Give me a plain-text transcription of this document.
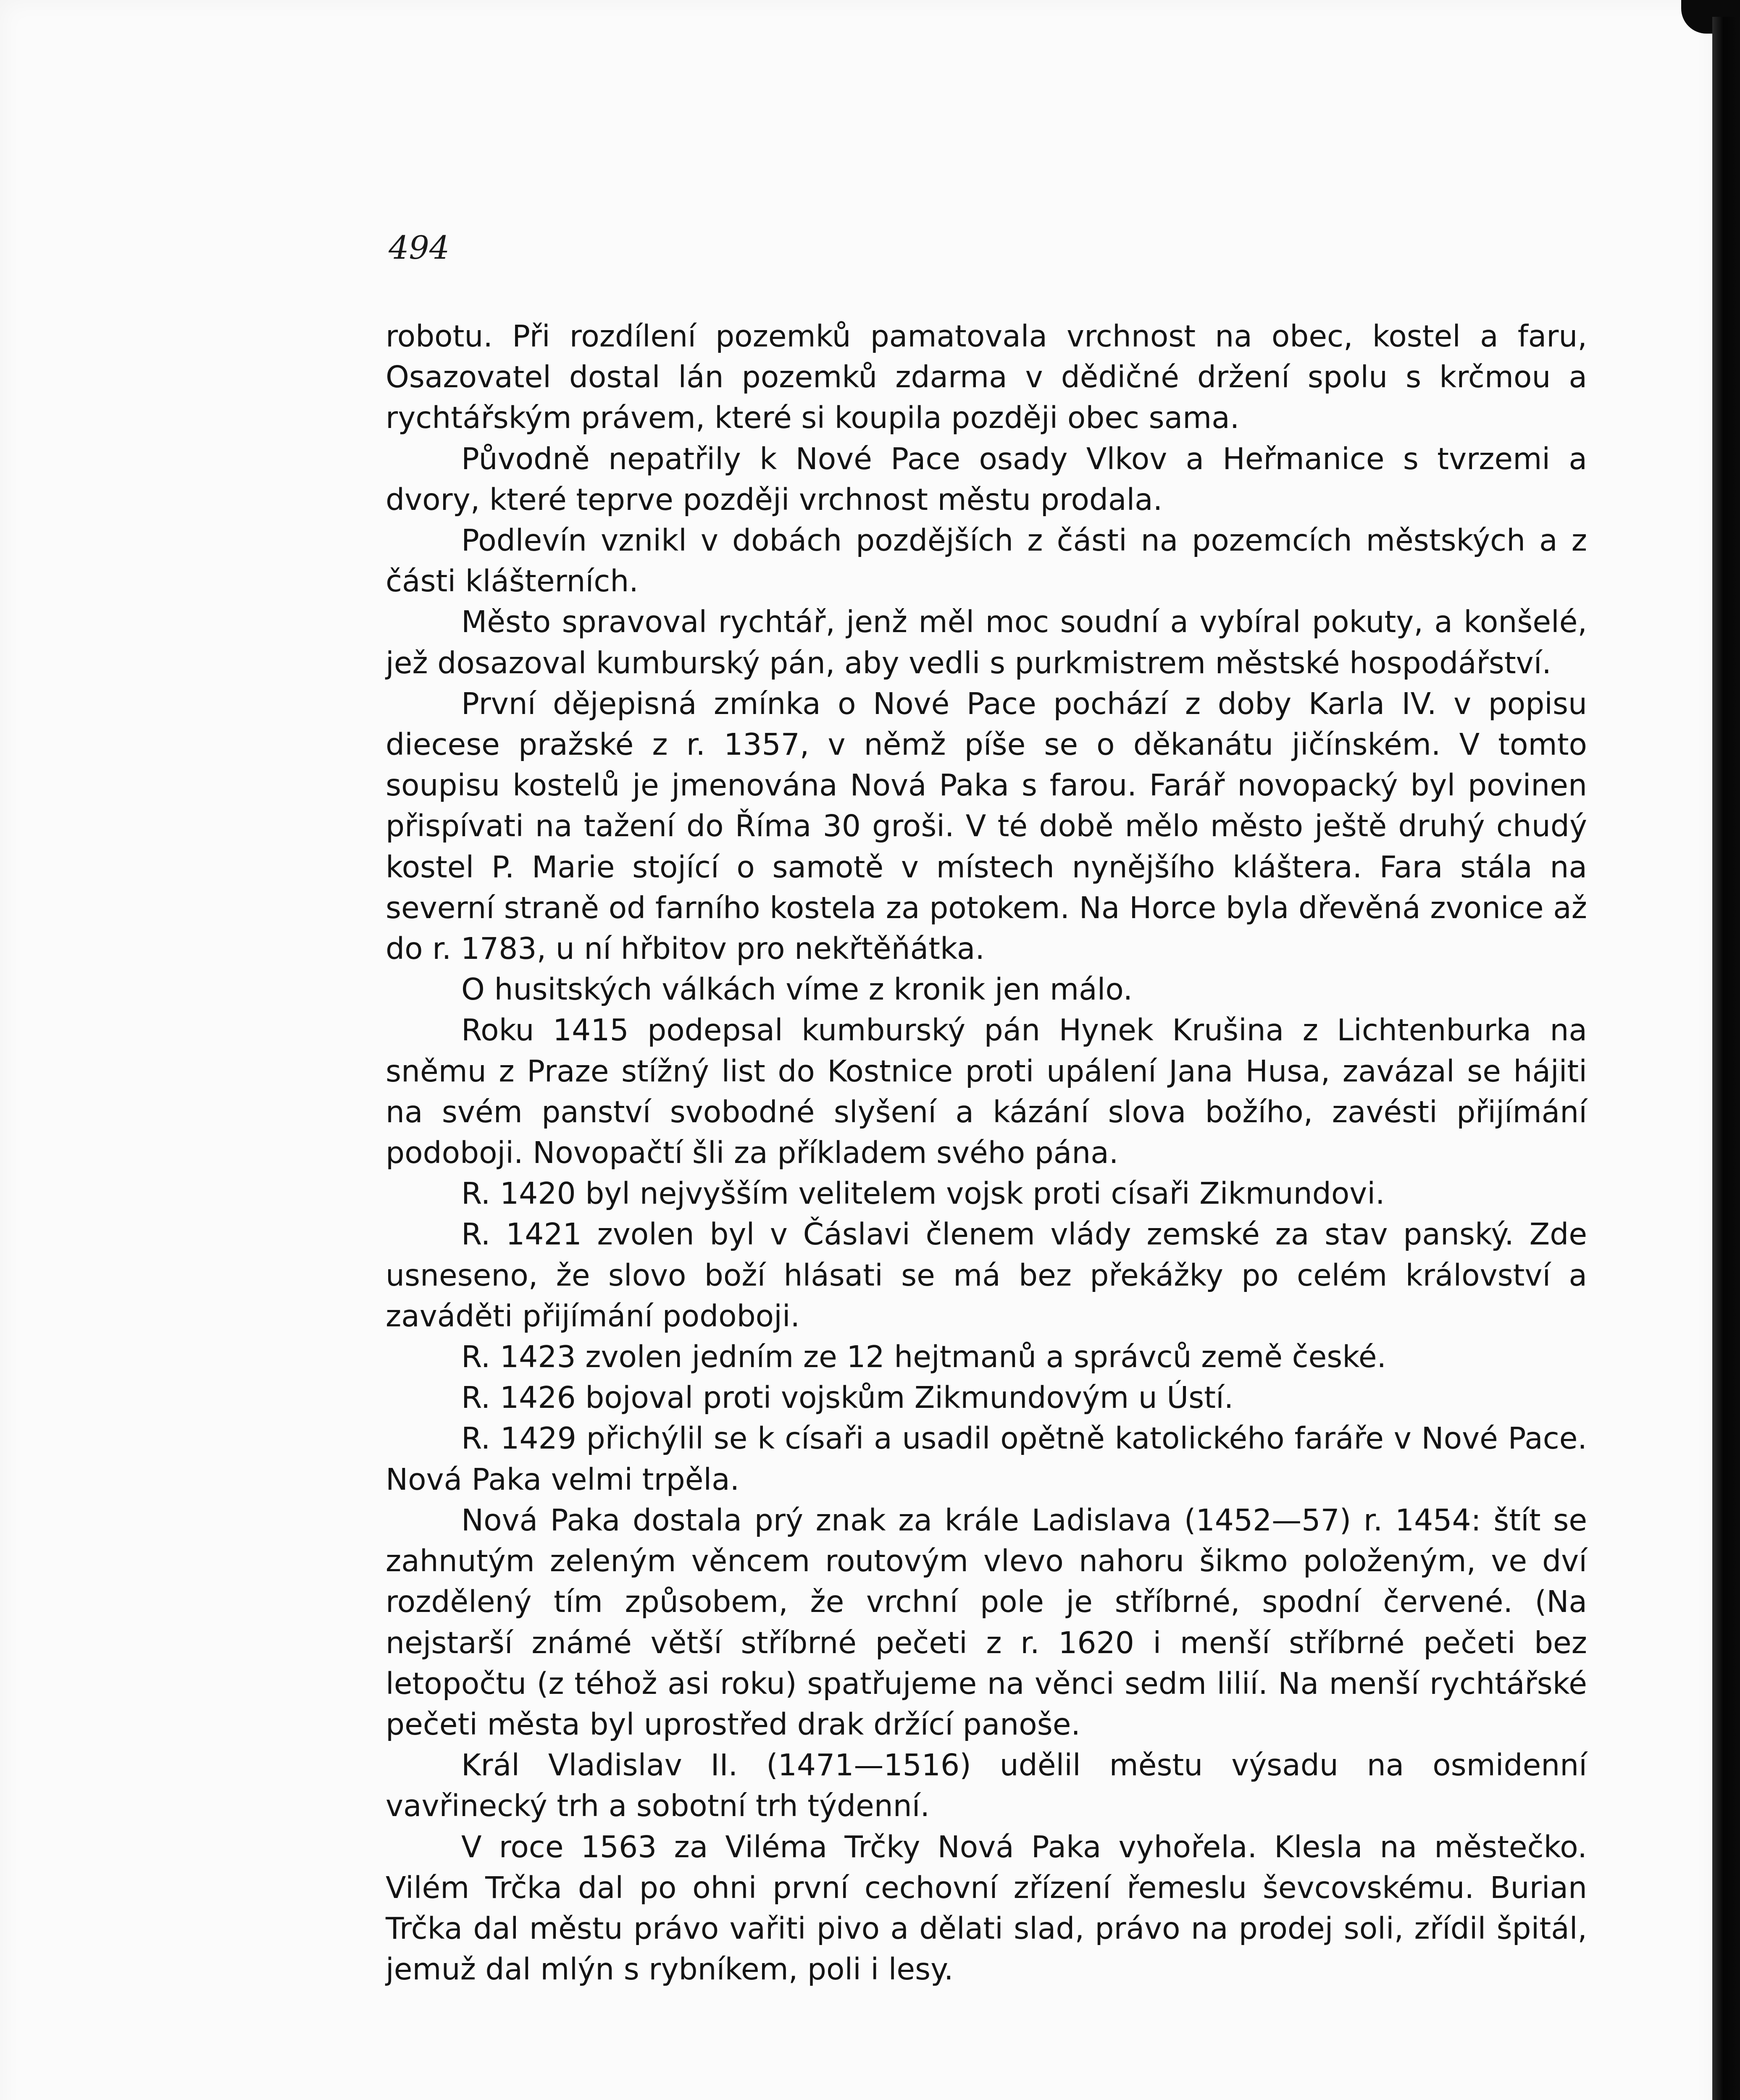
494

robotu. Při rozdílení pozemků pamatovala vrchnost na obec, kostel a faru, Osazovatel dostal lán pozemků zdarma v dědičné držení spolu s krčmou a rychtářským právem, které si koupila později obec sama.

Původně nepatřily k Nové Pace osady Vlkov a Heřmanice s tvrzemi a dvory, které teprve později vrchnost městu prodala.

Podlevín vznikl v dobách pozdějších z části na pozemcích městských a z části klášterních.

Město spravoval rychtář, jenž měl moc soudní a vybíral pokuty, a konšelé, jež dosazoval kumburský pán, aby vedli s purkmistrem městské hospodářství.

První dějepisná zmínka o Nové Pace pochází z doby Karla IV. v popisu diecese pražské z r. 1357, v němž píše se o děkanátu jičínském. V tomto soupisu kostelů je jmenována Nová Paka s farou. Farář novopacký byl povinen přispívati na tažení do Říma 30 groši. V té době mělo město ještě druhý chudý kostel P. Marie stojící o samotě v místech nynějšího kláštera. Fara stála na severní straně od farního kostela za potokem. Na Horce byla dřevěná zvonice až do r. 1783, u ní hřbitov pro nekřtěňátka.

O husitských válkách víme z kronik jen málo.

Roku 1415 podepsal kumburský pán Hynek Krušina z Lichtenburka na sněmu z Praze stížný list do Kostnice proti upálení Jana Husa, zavázal se hájiti na svém panství svobodné slyšení a kázání slova božího, zavésti přijímání podoboji. Novopačtí šli za příkladem svého pána.

R. 1420 byl nejvyšším velitelem vojsk proti císaři Zikmundovi.

R. 1421 zvolen byl v Čáslavi členem vlády zemské za stav panský. Zde usneseno, že slovo boží hlásati se má bez překážky po celém království a zaváděti přijímání podoboji.

R. 1423 zvolen jedním ze 12 hejtmanů a správců země české.

R. 1426 bojoval proti vojskům Zikmundovým u Ústí.

R. 1429 přichýlil se k císaři a usadil opětně katolického faráře v Nové Pace. Nová Paka velmi trpěla.

Nová Paka dostala prý znak za krále Ladislava (1452—57) r. 1454: štít se zahnutým zeleným věncem routovým vlevo nahoru šikmo položeným, ve dví rozdělený tím způsobem, že vrchní pole je stříbrné, spodní červené. (Na nejstarší známé větší stříbrné pečeti z r. 1620 i menší stříbrné pečeti bez letopočtu (z téhož asi roku) spatřujeme na věnci sedm lilií. Na menší rychtářské pečeti města byl uprostřed drak držící panoše.

Král Vladislav II. (1471—1516) udělil městu výsadu na osmidenní vavřinecký trh a sobotní trh týdenní.

V roce 1563 za Viléma Trčky Nová Paka vyhořela. Klesla na městečko. Vilém Trčka dal po ohni první cechovní zřízení řemeslu ševcovskému. Burian Trčka dal městu právo vařiti pivo a dělati slad, právo na prodej soli, zřídil špitál, jemuž dal mlýn s rybníkem, poli i lesy.
